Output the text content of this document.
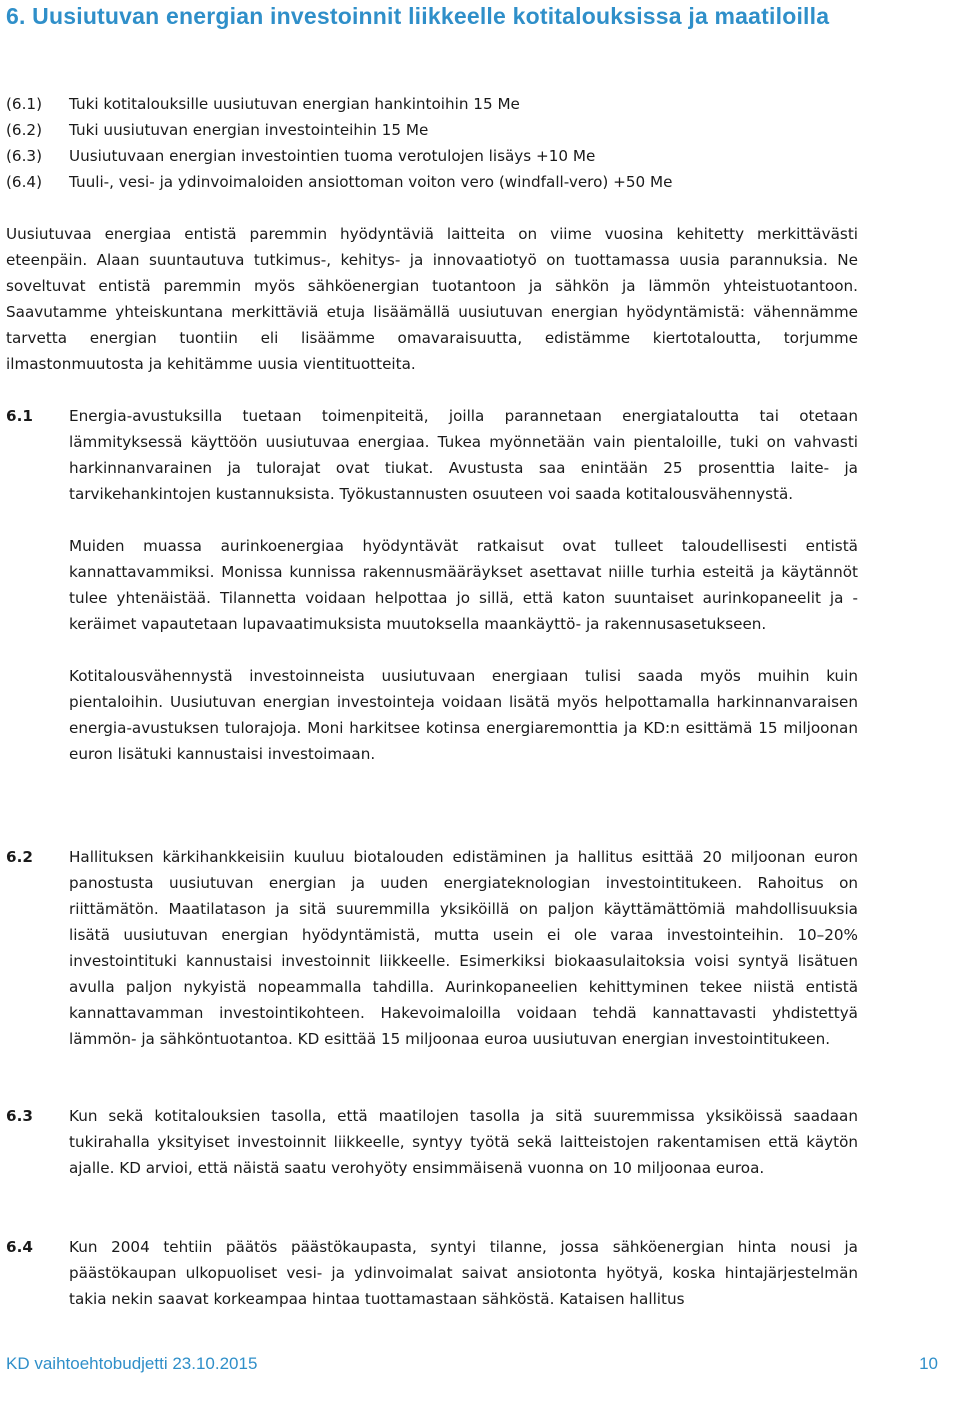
6. Uusiutuvan energian investoinnit liikkeelle kotitalouksissa ja maatiloilla
(6.1)	Tuki kotitalouksille uusiutuvan energian hankintoihin 15 Me
(6.2)	Tuki uusiutuvan energian investointeihin 15 Me
(6.3)	Uusiutuvaan energian investointien tuoma verotulojen lisäys +10 Me
(6.4)	Tuuli-, vesi- ja ydinvoimaloiden ansiottoman voiton vero (windfall-vero) +50 Me

Uusiutuvaa energiaa entistä paremmin hyödyntäviä laitteita on viime vuosina kehitetty merkittävästi eteenpäin. Alaan suuntautuva tutkimus-, kehitys- ja innovaatiotyö on tuottamassa uusia parannuksia. Ne soveltuvat entistä paremmin myös sähköenergian tuotantoon ja sähkön ja lämmön yhteistuotantoon. Saavutamme yhteiskuntana merkittäviä etuja lisäämällä uusiutuvan energian hyödyntämistä: vähennämme tarvetta energian tuontiin eli lisäämme omavaraisuutta, edistämme kiertotaloutta, torjumme ilmastonmuutosta ja kehitämme uusia vientituotteita.

6.1 Energia-avustuksilla tuetaan toimenpiteitä, joilla parannetaan energiataloutta tai otetaan lämmityksessä käyttöön uusiutuvaa energiaa. Tukea myönnetään vain pientaloille, tuki on vahvasti harkinnanvarainen ja tulorajat ovat tiukat. Avustusta saa enintään 25 prosenttia laite- ja tarvikehankintojen kustannuksista. Työkustannusten osuuteen voi saada kotitalousvähennystä.

Muiden muassa aurinkoenergiaa hyödyntävät ratkaisut ovat tulleet taloudellisesti entistä kannattavammiksi. Monissa kunnissa rakennusmääräykset asettavat niille turhia esteitä ja käytännöt tulee yhtenäistää. Tilannetta voidaan helpottaa jo sillä, että katon suuntaiset aurinkopaneelit ja -keräimet vapautetaan lupavaatimuksista muutoksella maankäyttö- ja rakennusasetukseen.

Kotitalousvähennystä investoinneista uusiutuvaan energiaan tulisi saada myös muihin kuin pientaloihin. Uusiutuvan energian investointeja voidaan lisätä myös helpottamalla harkinnanvaraisen energia-avustuksen tulorajoja. Moni harkitsee kotinsa energiaremonttia ja KD:n esittämä 15 miljoonan euron lisätuki kannustaisi investoimaan.

6.2 Hallituksen kärkihankkeisiin kuuluu biotalouden edistäminen ja hallitus esittää 20 miljoonan euron panostusta uusiutuvan energian ja uuden energiateknologian investointitukeen. Rahoitus on riittämätön. Maatilatason ja sitä suuremmilla yksiköillä on paljon käyttämättömiä mahdollisuuksia lisätä uusiutuvan energian hyödyntämistä, mutta usein ei ole varaa investointeihin. 10–20% investointituki kannustaisi investoinnit liikkeelle. Esimerkiksi biokaasulaitoksia voisi syntyä lisätuen avulla paljon nykyistä nopeammalla tahdilla. Aurinkopaneelien kehittyminen tekee niistä entistä kannattavamman investointikohteen. Hakevoimaloilla voidaan tehdä kannattavasti yhdistettyä lämmön- ja sähköntuotantoa. KD esittää 15 miljoonaa euroa uusiutuvan energian investointitukeen.

6.3 Kun sekä kotitalouksien tasolla, että maatilojen tasolla ja sitä suuremmissa yksiköissä saadaan tukirahalla yksityiset investoinnit liikkeelle, syntyy työtä sekä laitteistojen rakentamisen että käytön ajalle. KD arvioi, että näistä saatu verohyöty ensimmäisenä vuonna on 10 miljoonaa euroa.

6.4 Kun 2004 tehtiin päätös päästökaupasta, syntyi tilanne, jossa sähköenergian hinta nousi ja päästökaupan ulkopuoliset vesi- ja ydinvoimalat saivat ansiotonta hyötyä, koska hintajärjestelmän takia nekin saavat korkeampaa hintaa tuottamastaan sähköstä. Kataisen hallitus

KD vaihtoehtobudjetti 23.10.2015	10
